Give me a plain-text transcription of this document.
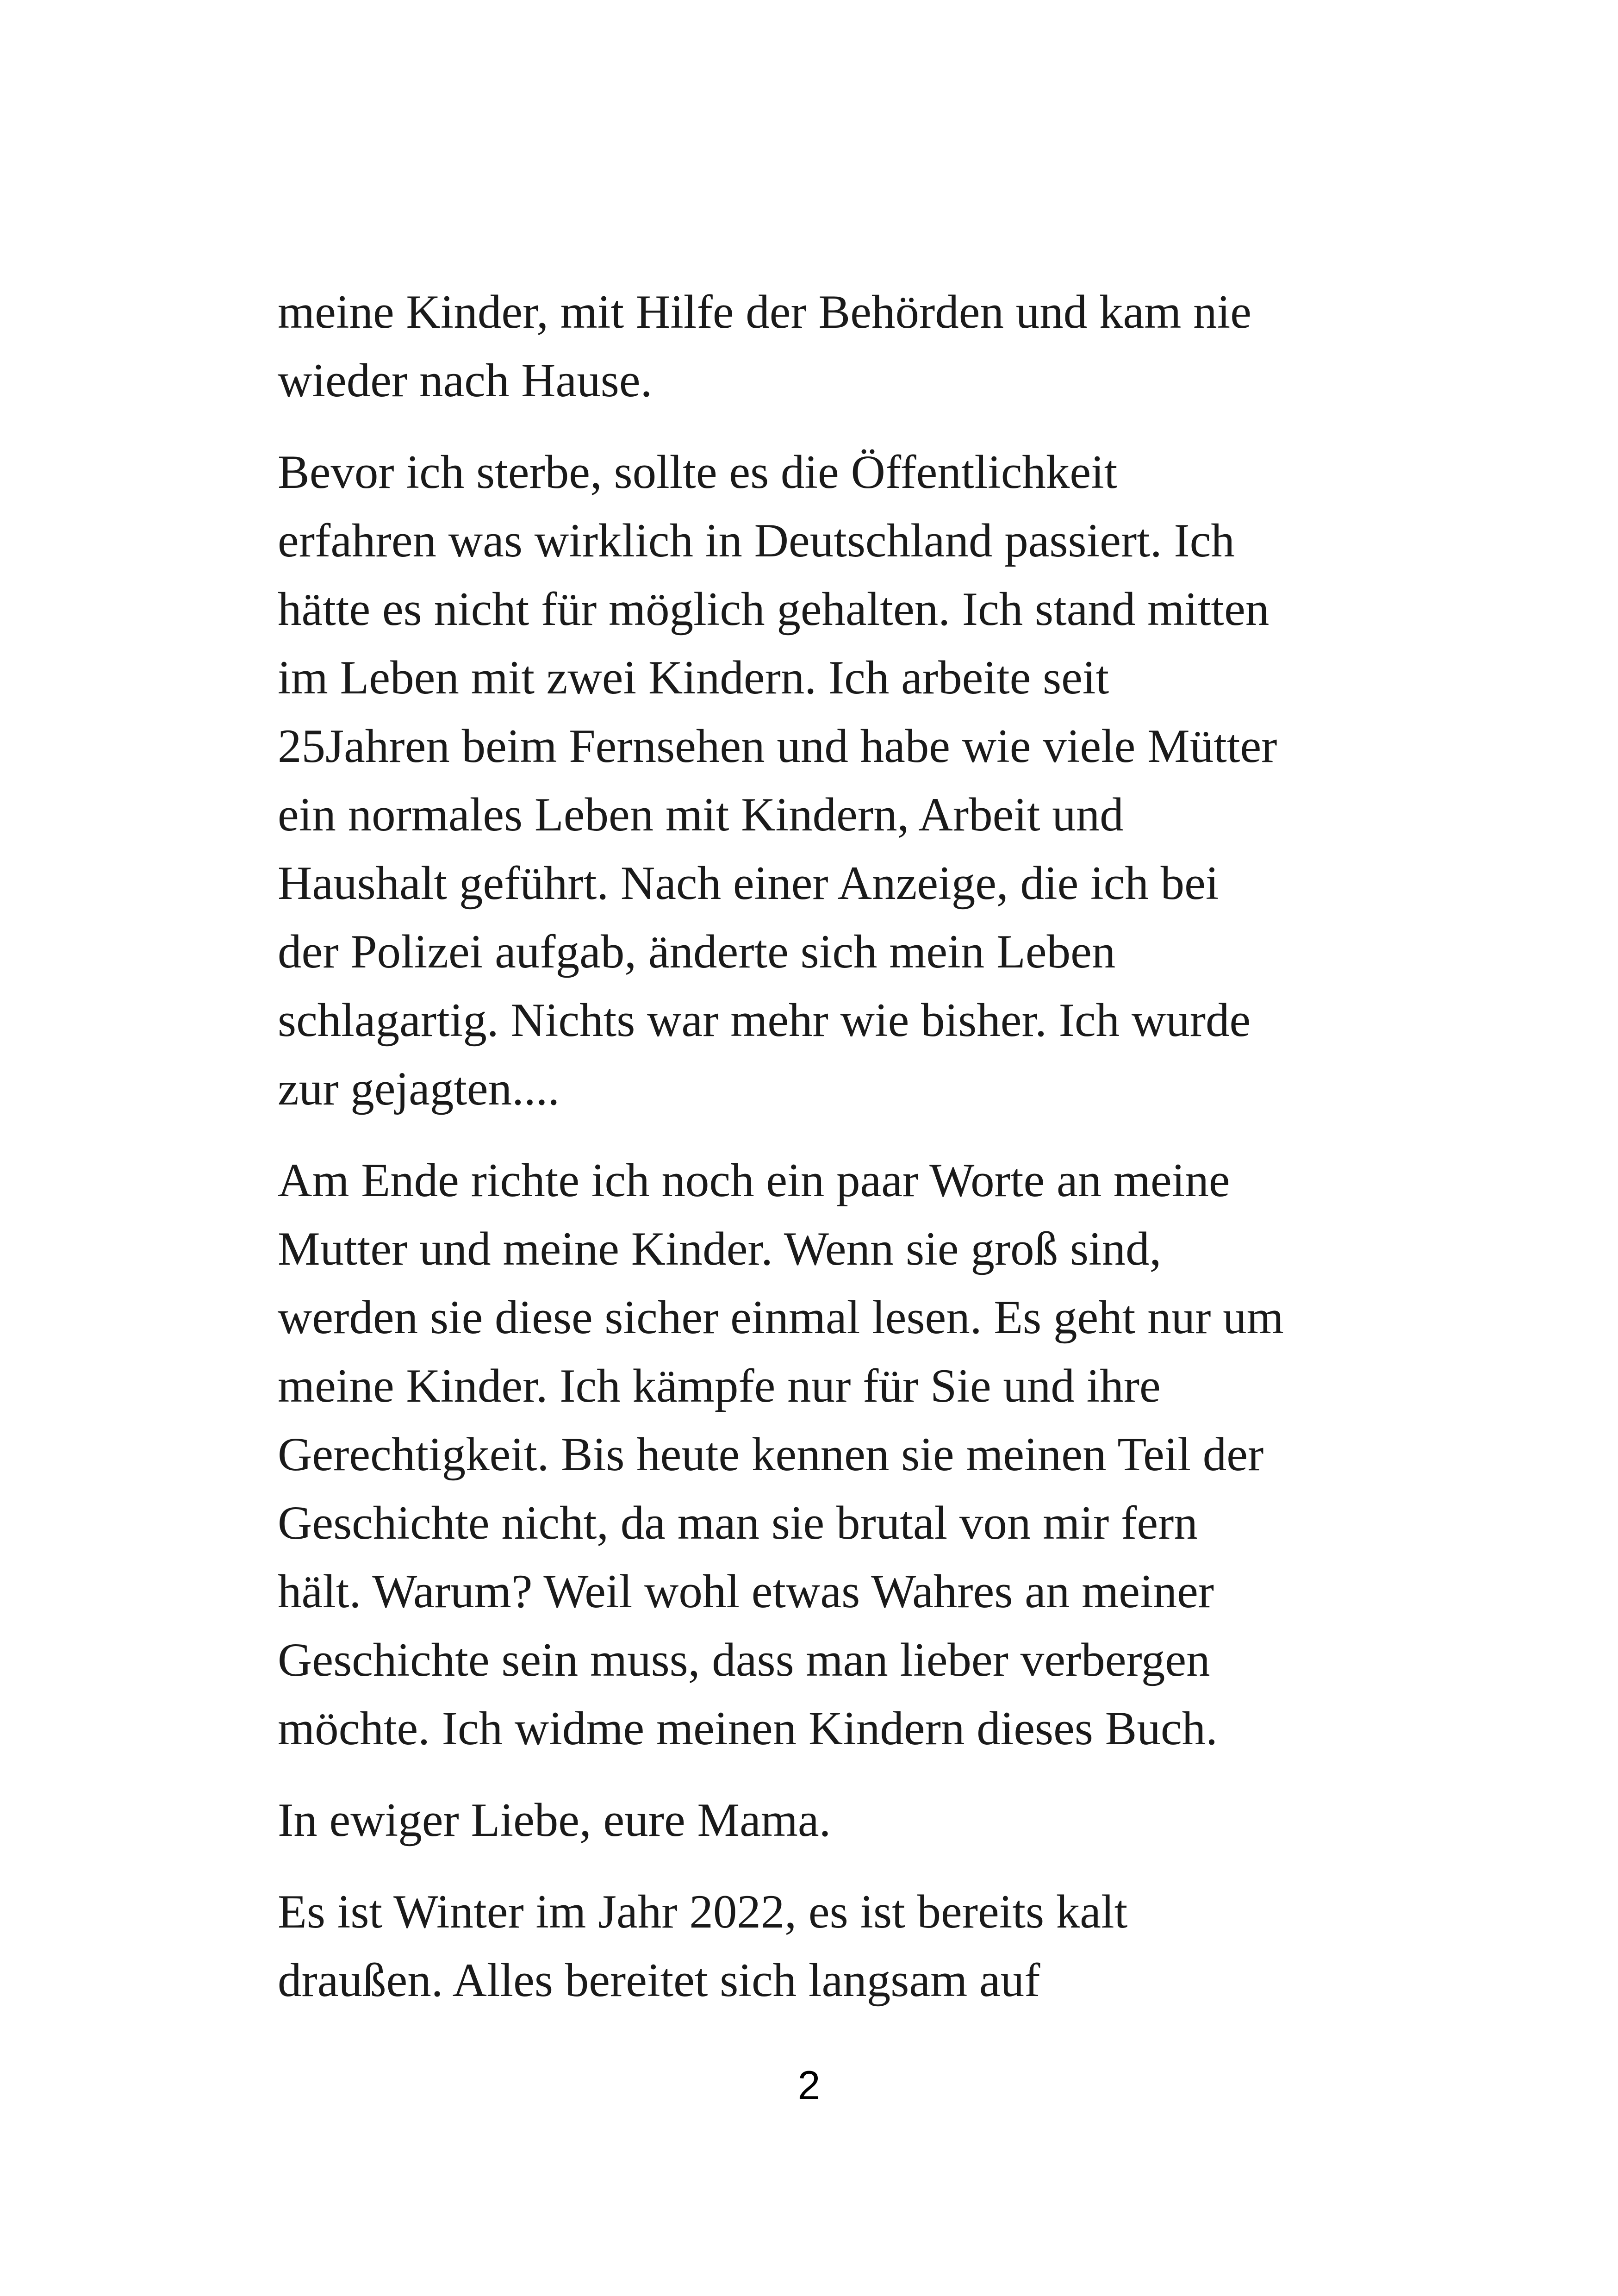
meine Kinder, mit Hilfe der Behörden und kam nie
wieder nach Hause.

Bevor ich sterbe, sollte es die Öffentlichkeit
erfahren was wirklich in Deutschland passiert. Ich
hätte es nicht für möglich gehalten. Ich stand mitten
im Leben mit zwei Kindern. Ich arbeite seit
25Jahren beim Fernsehen und habe wie viele Mütter
ein normales Leben mit Kindern, Arbeit und
Haushalt geführt. Nach einer Anzeige, die ich bei
der Polizei aufgab, änderte sich mein Leben
schlagartig. Nichts war mehr wie bisher. Ich wurde
zur gejagten....

Am Ende richte ich noch ein paar Worte an meine
Mutter und meine Kinder. Wenn sie groß sind,
werden sie diese sicher einmal lesen. Es geht nur um
meine Kinder. Ich kämpfe nur für Sie und ihre
Gerechtigkeit. Bis heute kennen sie meinen Teil der
Geschichte nicht, da man sie brutal von mir fern
hält. Warum? Weil wohl etwas Wahres an meiner
Geschichte sein muss, dass man lieber verbergen
möchte. Ich widme meinen Kindern dieses Buch.

In ewiger Liebe, eure Mama.

Es ist Winter im Jahr 2022, es ist bereits kalt
draußen. Alles bereitet sich langsam auf

2
